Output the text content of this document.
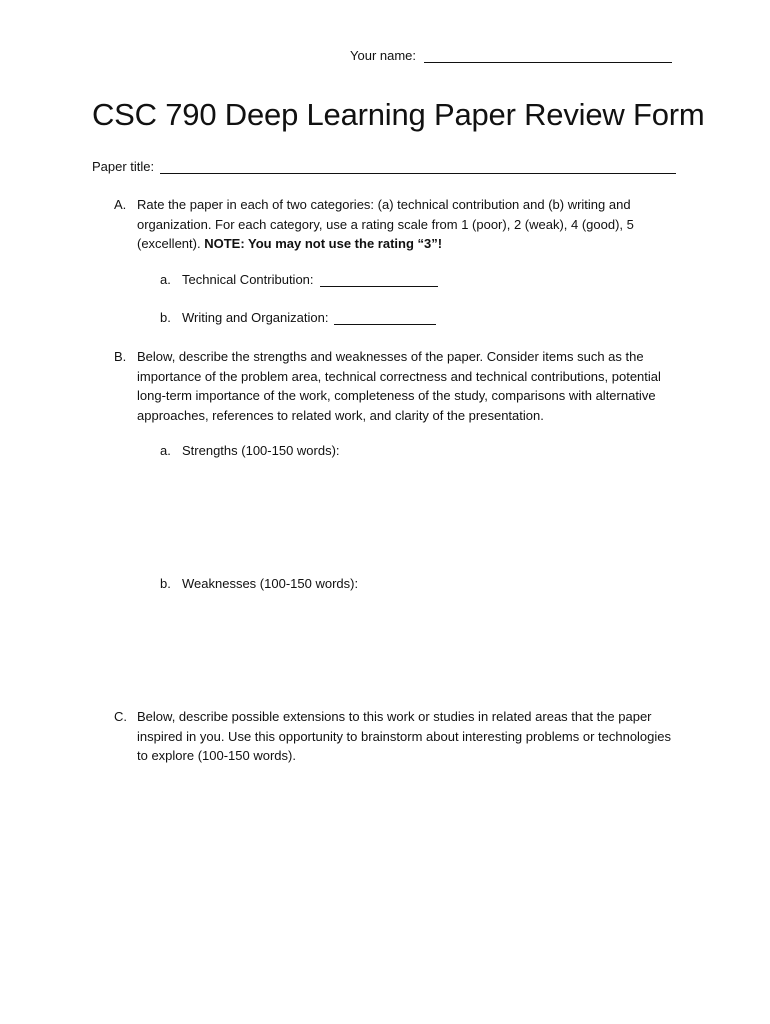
Your name:
CSC 790 Deep Learning Paper Review Form
Paper title:
A. Rate the paper in each of two categories: (a) technical contribution and (b) writing and organization. For each category, use a rating scale from 1 (poor), 2 (weak), 4 (good), 5 (excellent). NOTE: You may not use the rating “3”!
a. Technical Contribution:
b. Writing and Organization:
B. Below, describe the strengths and weaknesses of the paper. Consider items such as the importance of the problem area, technical correctness and technical contributions, potential long-term importance of the work, completeness of the study, comparisons with alternative approaches, references to related work, and clarity of the presentation.
a. Strengths (100-150 words):
b. Weaknesses (100-150 words):
C. Below, describe possible extensions to this work or studies in related areas that the paper inspired in you. Use this opportunity to brainstorm about interesting problems or technologies to explore (100-150 words).
